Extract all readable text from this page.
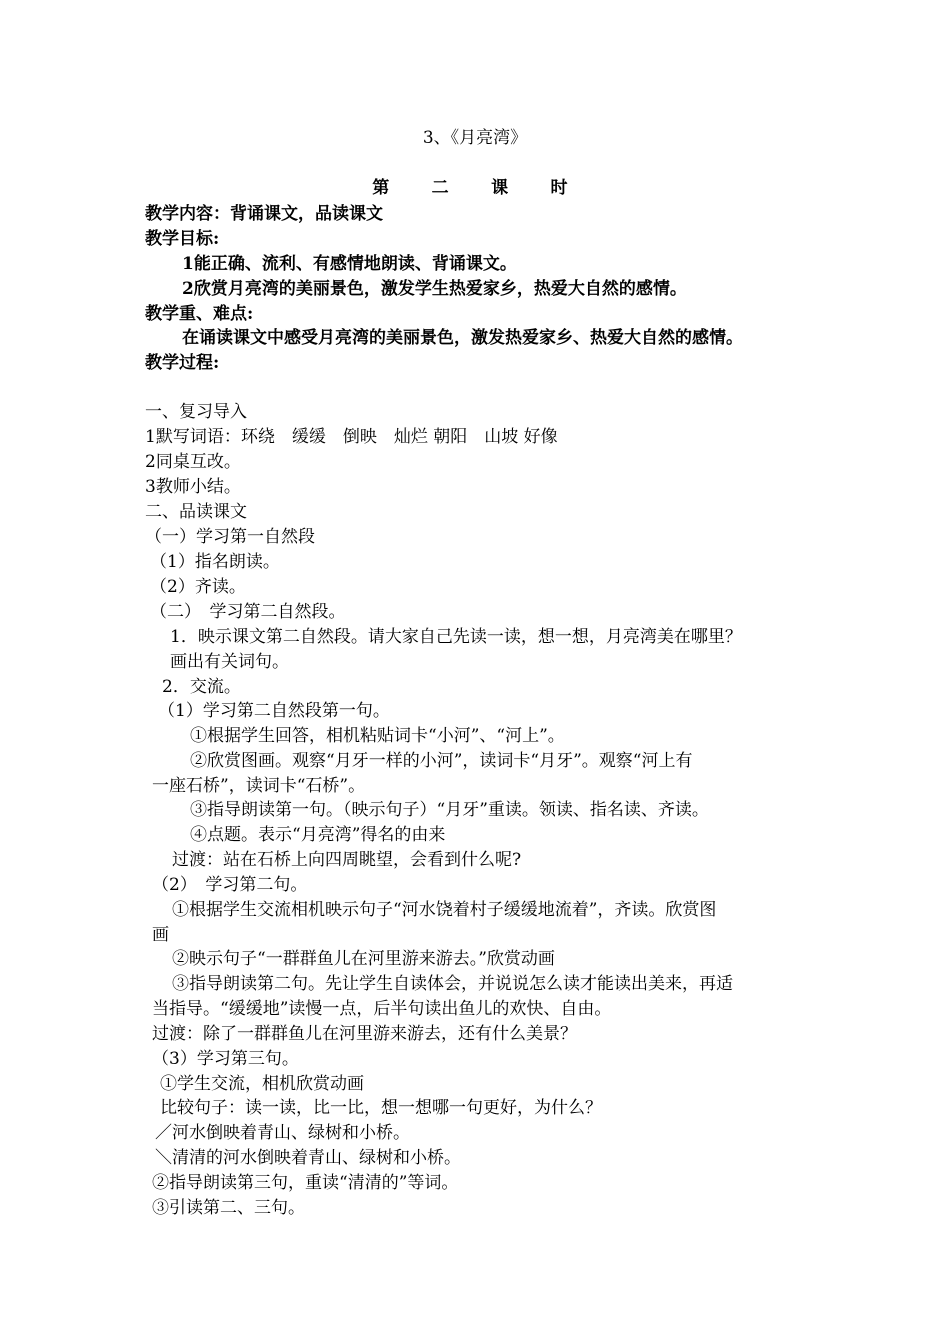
3、《月亮湾》
第  二  课  时
教学内容：背诵课文，品读课文
教学目标:
1能正确、流利、有感情地朗读、背诵课文。
2欣赏月亮湾的美丽景色，激发学生热爱家乡，热爱大自然的感情。
教学重、难点:
在诵读课文中感受月亮湾的美丽景色，激发热爱家乡、热爱大自然的感情。
教学过程:
一、复习导入
1默写词语：环绕　缓缓　倒映　灿烂 朝阳　山坡 好像
2同桌互改。
3教师小结。
二、品读课文
（一）学习第一自然段
（1）指名朗读。
（2）齐读。
（二）　学习第二自然段。
1．映示课文第二自然段。请大家自己先读一读，想一想，月亮湾美在哪里？
画出有关词句。
2．交流。
（1）学习第二自然段第一句。
①根据学生回答，相机粘贴词卡“小河”、“河上”。
②欣赏图画。观察“月牙一样的小河”，读词卡“月牙”。观察“河上有
一座石桥”，读词卡“石桥”。
③指导朗读第一句。（映示句子）“月牙”重读。领读、指名读、齐读。
④点题。表示“月亮湾”得名的由来
过渡：站在石桥上向四周眺望，会看到什么呢?
（2）　学习第二句。
①根据学生交流相机映示句子“河水饶着村子缓缓地流着”，齐读。欣赏图
画
②映示句子“一群群鱼儿在河里游来游去。”欣赏动画
③指导朗读第二句。先让学生自读体会，并说说怎么读才能读出美来，再适
当指导。“缓缓地”读慢一点，后半句读出鱼儿的欢快、自由。
过渡：除了一群群鱼儿在河里游来游去，还有什么美景？
（3）学习第三句。
①学生交流，相机欣赏动画
比较句子：读一读，比一比，想一想哪一句更好，为什么？
／河水倒映着青山、绿树和小桥。
＼清清的河水倒映着青山、绿树和小桥。
②指导朗读第三句，重读“清清的”等词。
③引读第二、三句。
